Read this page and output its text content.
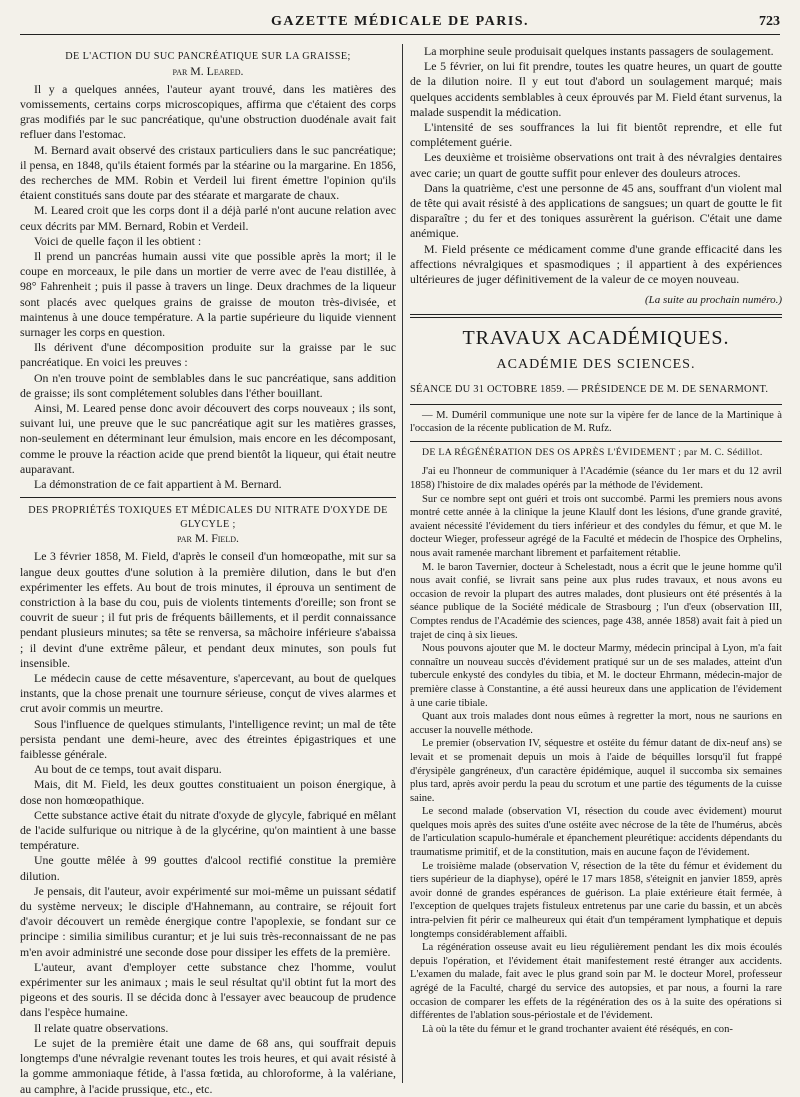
GAZETTE MÉDICALE DE PARIS.	723

DE L'ACTION DU SUC PANCRÉATIQUE SUR LA GRAISSE;

par M. Leared.

Il y a quelques années, l'auteur ayant trouvé, dans les matières des vomissements, certains corps microscopiques, affirma que c'étaient des corps gras modifiés par le suc pancréatique, qu'une obstruction duodénale avait fait refluer dans l'estomac.

M. Bernard avait observé des cristaux particuliers dans le suc pancréatique; il pensa, en 1848, qu'ils étaient formés par la stéarine ou la margarine. En 1856, des recherches de MM. Robin et Verdeil lui firent émettre l'opinion qu'ils étaient constitués sans doute par des stéarate et margarate de chaux.

M. Leared croit que les corps dont il a déjà parlé n'ont aucune relation avec ceux décrits par MM. Bernard, Robin et Verdeil.

Voici de quelle façon il les obtient :

Il prend un pancréas humain aussi vite que possible après la mort; il le coupe en morceaux, le pile dans un mortier de verre avec de l'eau distillée, à 98° Fahrenheit ; puis il passe à travers un linge. Deux drachmes de la liqueur sont placés avec quelques grains de graisse de mouton très-divisée, et maintenus à une douce température. A la partie supérieure du liquide viennent surnager les corps en question.

Ils dérivent d'une décomposition produite sur la graisse par le suc pancréatique. En voici les preuves :

On n'en trouve point de semblables dans le suc pancréatique, sans addition de graisse; ils sont complétement solubles dans l'éther bouillant.

Ainsi, M. Leared pense donc avoir découvert des corps nouveaux ; ils sont, suivant lui, une preuve que le suc pancréatique agit sur les matières grasses, non-seulement en déterminant leur émulsion, mais encore en les décomposant, comme le prouve la réaction acide que prend bientôt la liqueur, qui était neutre auparavant.

La démonstration de ce fait appartient à M. Bernard.

DES PROPRIÉTÉS TOXIQUES ET MÉDICALES DU NITRATE D'OXYDE DE GLYCYLE ;

par M. Field.

Le 3 février 1858, M. Field, d'après le conseil d'un homœopathe, mit sur sa langue deux gouttes d'une solution à la première dilution, dans le but d'en expérimenter les effets. Au bout de trois minutes, il éprouva un sentiment de constriction à la base du cou, puis de violents tintements d'oreille; son front se couvrit de sueur ; il fut pris de fréquents bâillements, et il perdit connaissance pendant plusieurs minutes; sa tête se renversa, sa mâchoire inférieure s'abaissa ; il devint d'une extrême pâleur, et pendant deux minutes, son pouls fut insensible.

Le médecin cause de cette mésaventure, s'apercevant, au bout de quelques instants, que la chose prenait une tournure sérieuse, conçut de vives alarmes et crut avoir commis un meurtre.

Sous l'influence de quelques stimulants, l'intelligence revint; un mal de tête persista pendant une demi-heure, avec des étreintes épigastriques et une faiblesse générale.

Au bout de ce temps, tout avait disparu.

Mais, dit M. Field, les deux gouttes constituaient un poison énergique, à dose non homœopathique.

Cette substance active était du nitrate d'oxyde de glycyle, fabriqué en mêlant de l'acide sulfurique ou nitrique à de la glycérine, qu'on maintient à une basse température.

Une goutte mêlée à 99 gouttes d'alcool rectifié constitue la première dilution.

Je pensais, dit l'auteur, avoir expérimenté sur moi-même un puissant sédatif du système nerveux; le disciple d'Hahnemann, au contraire, se réjouit fort d'avoir découvert un remède énergique contre l'apoplexie, se fondant sur ce principe : similia similibus curantur; et je lui suis très-reconnaissant de ne pas m'en avoir administré une seconde dose pour dissiper les effets de la première.

L'auteur, avant d'employer cette substance chez l'homme, voulut expérimenter sur les animaux ; mais le seul résultat qu'il obtint fut la mort des pigeons et des souris. Il se décida donc à l'essayer avec beaucoup de prudence dans l'espèce humaine.

Il relate quatre observations.

Le sujet de la première était une dame de 68 ans, qui souffrait depuis longtemps d'une névralgie revenant toutes les trois heures, et qui avait résisté à la gomme ammoniaque fétide, à l'assa fœtida, au chloroforme, à la valériane, au camphre, à l'acide prussique, etc., etc.

La morphine seule produisait quelques instants passagers de soulagement.

Le 5 février, on lui fit prendre, toutes les quatre heures, un quart de goutte de la dilution noire. Il y eut tout d'abord un soulagement marqué; mais quelques accidents semblables à ceux éprouvés par M. Field étant survenus, la malade suspendit la médication.

L'intensité de ses souffrances la lui fit bientôt reprendre, et elle fut complétement guérie.

Les deuxième et troisième observations ont trait à des névralgies dentaires avec carie; un quart de goutte suffit pour enlever des douleurs atroces.

Dans la quatrième, c'est une personne de 45 ans, souffrant d'un violent mal de tête qui avait résisté à des applications de sangsues; un quart de goutte le fit disparaître ; du fer et des toniques assurèrent la guérison. C'était une dame anémique.

M. Field présente ce médicament comme d'une grande efficacité dans les affections névralgiques et spasmodiques ; il appartient à des expériences ultérieures de juger définitivement de la valeur de ce moyen nouveau.

(La suite au prochain numéro.)

TRAVAUX ACADÉMIQUES.

ACADÉMIE DES SCIENCES.

SÉANCE DU 31 OCTOBRE 1859. — PRÉSIDENCE DE M. DE SENARMONT.

— M. Duméril communique une note sur la vipère fer de lance de la Martinique à l'occasion de la récente publication de M. Rufz.

DE LA RÉGÉNÉRATION DES OS APRÈS L'ÉVIDEMENT ; par M. C. Sédillot.

J'ai eu l'honneur de communiquer à l'Académie (séance du 1er mars et du 12 avril 1858) l'histoire de dix malades opérés par la méthode de l'évidement.

Sur ce nombre sept ont guéri et trois ont succombé. Parmi les premiers nous avons montré cette année à la clinique la jeune Klaulf dont les lésions, d'une grande gravité, avaient nécessité l'évidement du tiers inférieur et des condyles du fémur, et que M. le docteur Wieger, professeur agrégé de la Faculté et médecin de l'hospice des Orphelins, nous avait ramenée marchant librement et parfaitement rétablie.

M. le baron Tavernier, docteur à Schelestadt, nous a écrit que le jeune homme qu'il nous avait confié, se livrait sans peine aux plus rudes travaux, et nous avons eu occasion de revoir la plupart des autres malades, dont plusieurs ont été présentés à la séance publique de la Société médicale de Strasbourg ; l'un d'eux (observation III, Comptes rendus de l'Académie des sciences, page 438, année 1858) avait fait à pied un trajet de cinq à six lieues.

Nous pouvons ajouter que M. le docteur Marmy, médecin principal à Lyon, m'a fait connaître un nouveau succès d'évidement pratiqué sur un de ses malades, atteint d'un tubercule enkysté des condyles du tibia, et M. le docteur Ehrmann, médecin-major de première classe à Constantine, a été aussi heureux dans une application de l'évidement à une carie tibiale.

Quant aux trois malades dont nous eûmes à regretter la mort, nous ne saurions en accuser la nouvelle méthode.

Le premier (observation IV, séquestre et ostéite du fémur datant de dix-neuf ans) se levait et se promenait depuis un mois à l'aide de béquilles lorsqu'il fut frappé d'érysipèle gangréneux, d'un caractère épidémique, auquel il succomba six semaines plus tard, après avoir perdu la peau du scrotum et une partie des téguments de la cuisse saine.

Le second malade (observation VI, résection du coude avec évidement) mourut quelques mois après des suites d'une ostéite avec nécrose de la tête de l'humérus, abcès de l'articulation scapulo-humérale et épanchement pleurétique: accidents dépendants du traumatisme primitif, et de la constitution, mais en aucune façon de l'évidement.

Le troisième malade (observation V, résection de la tête du fémur et évidement du tiers supérieur de la diaphyse), opéré le 17 mars 1858, s'éteignit en janvier 1859, après avoir donné de grandes espérances de guérison. La plaie extérieure était fermée, à l'exception de quelques trajets fistuleux entretenus par une carie du bassin, et un abcès intra-pelvien fit périr ce malheureux qui était d'un tempérament lymphatique et depuis longtemps considérablement affaibli.

La régénération osseuse avait eu lieu régulièrement pendant les dix mois écoulés depuis l'opération, et l'évidement était manifestement resté étranger aux accidents. L'examen du malade, fait avec le plus grand soin par M. le docteur Morel, professeur agrégé de la Faculté, chargé du service des autopsies, et par nous, a fourni la rare occasion de comparer les effets de la régénération des os à la suite des opérations si différentes de l'ablation sous-périostale et de l'évidement.

Là où la tête du fémur et le grand trochanter avaient été réséqués, en con-
